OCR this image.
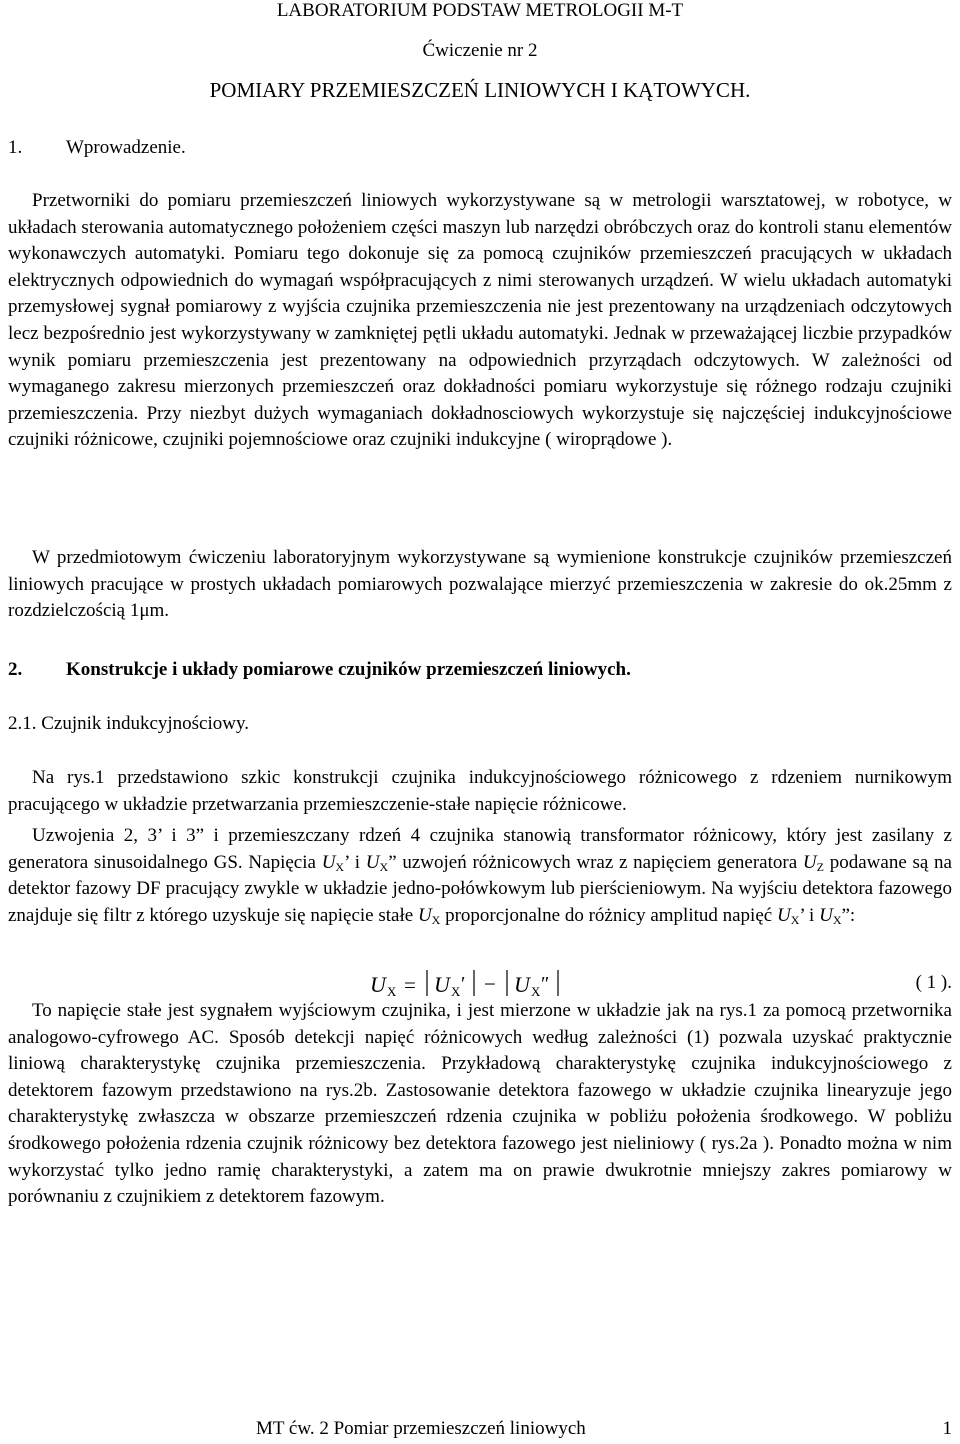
LABORATORIUM PODSTAW METROLOGII M-T
Ćwiczenie nr 2
POMIARY PRZEMIESZCZEŃ LINIOWYCH I KĄTOWYCH.
1. Wprowadzenie.

Przetworniki do pomiaru przemieszczeń liniowych wykorzystywane są w metrologii warsztatowej, w robotyce, w układach sterowania automatycznego położeniem części maszyn lub narzędzi obróbczych oraz do kontroli stanu elementów wykonawczych automatyki. Pomiaru tego dokonuje się za pomocą czujników przemieszczeń pracujących w układach elektrycznych odpowiednich do wymagań współpracujących z nimi sterowanych urządzeń. W wielu układach automatyki przemysłowej sygnał pomiarowy z wyjścia czujnika przemieszczenia nie jest prezentowany na urządzeniach odczytowych lecz bezpośrednio jest wykorzystywany w zamkniętej pętli układu automatyki. Jednak w przeważającej liczbie przypadków wynik pomiaru przemieszczenia jest prezentowany na odpowiednich przyrządach odczytowych. W zależności od wymaganego zakresu mierzonych przemieszczeń oraz dokładności pomiaru wykorzystuje się różnego rodzaju czujniki przemieszczenia. Przy niezbyt dużych wymaganiach dokładnosciowych wykorzystuje się najczęściej indukcyjnościowe czujniki różnicowe, czujniki pojemnościowe oraz czujniki indukcyjne ( wiroprądowe ).

W przedmiotowym ćwiczeniu laboratoryjnym wykorzystywane są wymienione konstrukcje czujników przemieszczeń liniowych pracujące w prostych układach pomiarowych pozwalające mierzyć przemieszczenia w zakresie do ok.25mm z rozdzielczością 1μm.

2. Konstrukcje i układy pomiarowe czujników przemieszczeń liniowych.
2.1. Czujnik indukcyjnościowy.

Na rys.1 przedstawiono szkic konstrukcji czujnika indukcyjnościowego różnicowego z rdzeniem nurnikowym pracującego w układzie przetwarzania przemieszczenie-stałe napięcie różnicowe.

Uzwojenia 2, 3’ i 3” i przemieszczany rdzeń 4 czujnika stanowią transformator różnicowy, który jest zasilany z generatora sinusoidalnego GS. Napięcia $U_X$’ i $U_X$” uzwojeń różnicowych wraz z napięciem generatora $U_Z$ podawane są na detektor fazowy DF pracujący zwykle w układzie jedno-połówkowym lub pierścieniowym. Na wyjściu detektora fazowego znajduje się filtr z którego uzyskuje się napięcie stałe $U_X$ proporcjonalne do różnicy amplitud napięć $U_X$’ i $U_X$”:

U X = U X ′ − U X ″	( 1 ).

To napięcie stałe jest sygnałem wyjściowym czujnika, i jest mierzone w układzie jak na rys.1 za pomocą przetwornika analogowo-cyfrowego AC. Sposób detekcji napięć różnicowych według zależności (1) pozwala uzyskać praktycznie liniową charakterystykę czujnika przemieszczenia. Przykładową charakterystykę czujnika indukcyjnościowego z detektorem fazowym przedstawiono na rys.2b. Zastosowanie detektora fazowego w układzie czujnika linearyzuje jego charakterystykę zwłaszcza w obszarze przemieszczeń rdzenia czujnika w pobliżu położenia środkowego. W pobliżu środkowego położenia rdzenia czujnik różnicowy bez detektora fazowego jest nieliniowy ( rys.2a ). Ponadto można w nim wykorzystać tylko jedno ramię charakterystyki, a zatem ma on prawie dwukrotnie mniejszy zakres pomiarowy w porównaniu z czujnikiem z detektorem fazowym.

MT ćw. 2 Pomiar przemieszczeń liniowych	1
